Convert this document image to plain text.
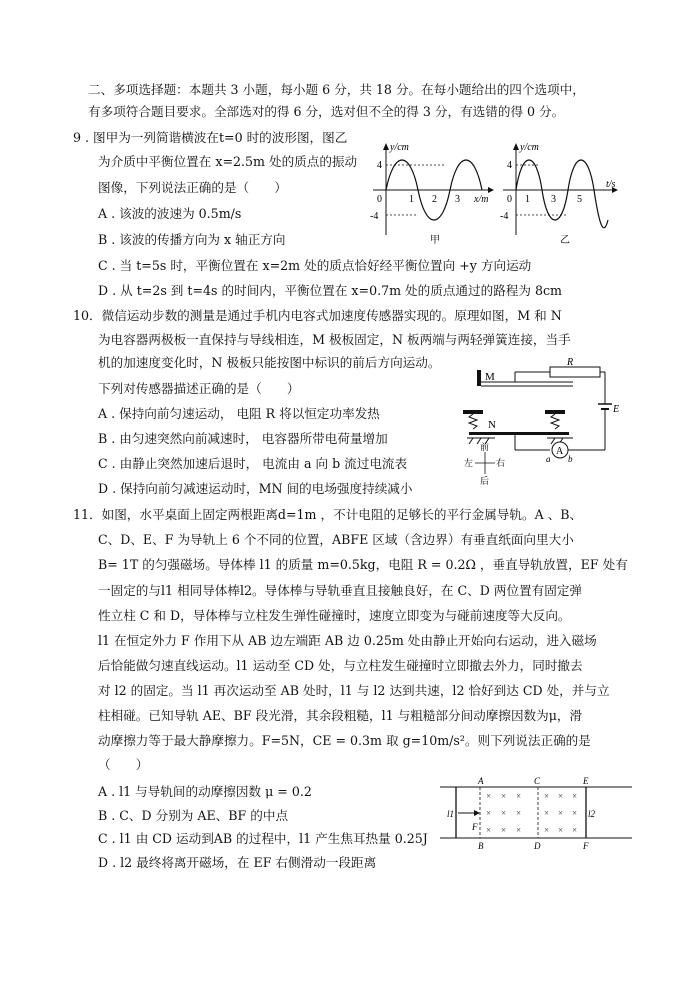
二、多项选择题：本题共 3 小题，每小题 6 分，共 18 分。在每小题给出的四个选项中，
有多项符合题目要求。全部选对的得 6 分，选对但不全的得 3 分，有选错的得 0 分。
9 . 图甲为一列简谐横波在t=0 时的波形图，图乙
为介质中平衡位置在 x=2.5m 处的质点的振动
图像，下列说法正确的是（　　）
A . 该波的波速为 0.5m/s
B . 该波的传播方向为 x 轴正方向
C . 当 t=5s 时，平衡位置在 x=2m 处的质点恰好经平衡位置向 +y 方向运动
D . 从 t=2s 到 t=4s 的时间内，平衡位置在 x=0.7m 处的质点通过的路程为 8cm
4
-4
0
y/cm
x/m
1 2 3
甲
4
-4
0
y/cm
t/s
1 3 5
乙
10．微信运动步数的测量是通过手机内电容式加速度传感器实现的。原理如图，M 和 N
为电容器两极板一直保持与导线相连，M 极板固定，N 板两端与两轻弹簧连接，当手
机的加速度变化时，N 极板只能按图中标识的前后方向运动。
下列对传感器描述正确的是（　　）
A . 保持向前匀速运动， 电阻 R 将以恒定功率发热
B . 由匀速突然向前减速时， 电容器所带电荷量增加
C . 由静止突然加速后退时， 电流由 a 向 b 流过电流表
D . 保持向前匀减速运动时，MN 间的电场强度持续减小
M
R
E
N
A
a b
前
后
左	右
11．如图，水平桌面上固定两根距离d=1m ，不计电阻的足够长的平行金属导轨。A 、B、
C、D、E、F 为导轨上 6 个不同的位置，ABFE 区域（含边界）有垂直纸面向里大小
B= 1T 的匀强磁场。导体棒 l1 的质量 m=0.5kg，电阻 R = 0.2Ω ，垂直导轨放置，EF 处有
一固定的与l1 相同导体棒l2。导体棒与导轨垂直且接触良好，在 C、D 两位置有固定弹
性立柱 C 和 D，导体棒与立柱发生弹性碰撞时，速度立即变为与碰前速度等大反向。
l1 在恒定外力 F 作用下从 AB 边左端距 AB 边 0.25m 处由静止开始向右运动，进入磁场
后恰能做匀速直线运动。l1 运动至 CD 处，与立柱发生碰撞时立即撤去外力，同时撤去
对 l2 的固定。当 l1 再次运动至 AB 处时，l1 与 l2 达到共速，l2 恰好到达 CD 处，并与立
柱相碰。已知导轨 AE、BF 段光滑，其余段粗糙，l1 与粗糙部分间动摩擦因数为μ，滑
动摩擦力等于最大静摩擦力。F=5N，CE = 0.3m 取 g=10m/s²。则下列说法正确的是
（　　）
A . l1 与导轨间的动摩擦因数 μ = 0.2
B . C、D 分别为 AE、BF 的中点
C . l1 由 CD 运动到AB 的过程中，l1 产生焦耳热量 0.25J
D . l2 最终将离开磁场，在 EF 右侧滑动一段距离
l1	l2
F
A
B
C
D
E
F
× × ×	× × ×
× × ×	× × ×
× × ×	× × ×
